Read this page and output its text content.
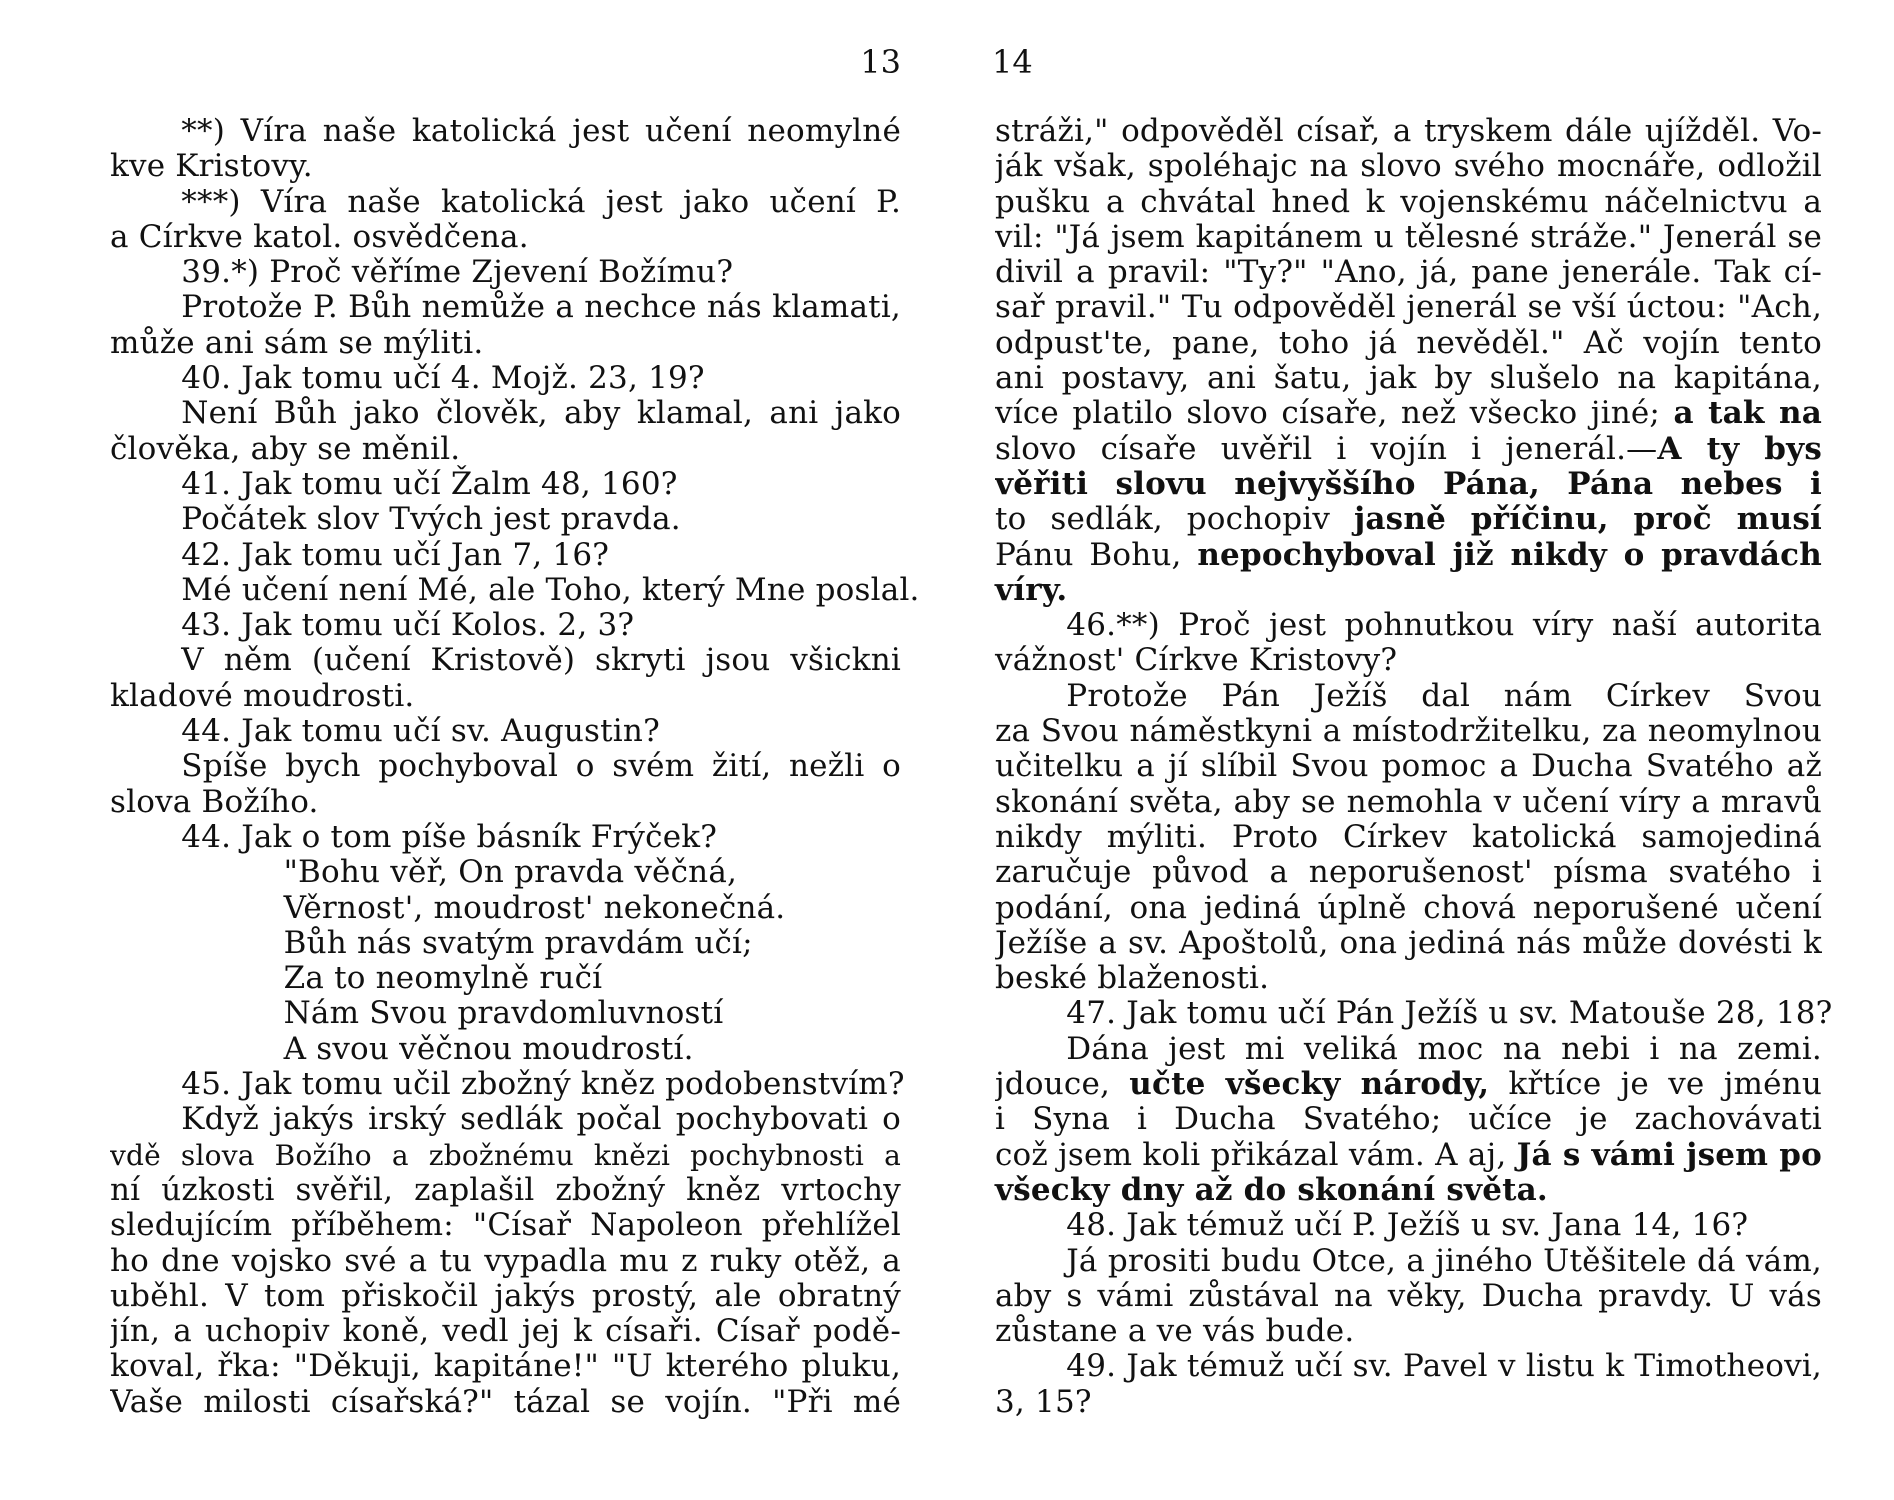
13
**) Víra naše katolická jest učení neomylné
kve Kristovy.
***) Víra naše katolická jest jako učení P.
a Církve katol. osvědčena.
39.*) Proč věříme Zjevení Božímu?
Protože P. Bůh nemůže a nechce nás klamati,
může ani sám se mýliti.
40. Jak tomu učí 4. Mojž. 23, 19?
Není Bůh jako člověk, aby klamal, ani jako
člověka, aby se měnil.
41. Jak tomu učí Žalm 48, 160?
Počátek slov Tvých jest pravda.
42. Jak tomu učí Jan 7, 16?
Mé učení není Mé, ale Toho, který Mne poslal.
43. Jak tomu učí Kolos. 2, 3?
V něm (učení Kristově) skryti jsou všickni
kladové moudrosti.
44. Jak tomu učí sv. Augustin?
Spíše bych pochyboval o svém žití, nežli o
slova Božího.
44. Jak o tom píše básník Frýček?
"Bohu věř, On pravda věčná,
Věrnost', moudrost' nekonečná.
Bůh nás svatým pravdám učí;
Za to neomylně ručí
Nám Svou pravdomluvností
A svou věčnou moudrostí.
45. Jak tomu učil zbožný kněz podobenstvím?
Když jakýs irský sedlák počal pochybovati o
vdě slova Božího a zbožnému knězi pochybnosti a
ní úzkosti svěřil, zaplašil zbožný kněz vrtochy
sledujícím příběhem: "Císař Napoleon přehlížel
ho dne vojsko své a tu vypadla mu z ruky otěž, a
uběhl. V tom přiskočil jakýs prostý, ale obratný
jín, a uchopiv koně, vedl jej k císaři. Císař podě-
koval, řka: "Děkuji, kapitáne!" "U kterého pluku,
Vaše milosti císařská?" tázal se vojín. "Při mé
14
stráži," odpověděl císař, a tryskem dále ujížděl. Vo-
ják však, spoléhajc na slovo svého mocnáře, odložil
pušku a chvátal hned k vojenskému náčelnictvu a
vil: "Já jsem kapitánem u tělesné stráže." Jenerál se
divil a pravil: "Ty?" "Ano, já, pane jenerále. Tak cí-
sař pravil." Tu odpověděl jenerál se vší úctou: "Ach,
odpust'te, pane, toho já nevěděl." Ač vojín tento
ani postavy, ani šatu, jak by slušelo na kapitána,
více platilo slovo císaře, než všecko jiné; a tak na
slovo císaře uvěřil i vojín i jenerál.—A ty bys
věřiti slovu nejvyššího Pána, Pána nebes i
to sedlák, pochopiv jasně příčinu, proč musí
Pánu Bohu, nepochyboval již nikdy o pravdách
víry.
46.**) Proč jest pohnutkou víry naší autorita
vážnost' Církve Kristovy?
Protože Pán Ježíš dal nám Církev Svou
za Svou náměstkyni a místodržitelku, za neomylnou
učitelku a jí slíbil Svou pomoc a Ducha Svatého až
skonání světa, aby se nemohla v učení víry a mravů
nikdy mýliti. Proto Církev katolická samojediná
zaručuje původ a neporušenost' písma svatého i
podání, ona jediná úplně chová neporušené učení
Ježíše a sv. Apoštolů, ona jediná nás může dovésti k
beské blaženosti.
47. Jak tomu učí Pán Ježíš u sv. Matouše 28, 18?
Dána jest mi veliká moc na nebi i na zemi.
jdouce, učte všecky národy, křtíce je ve jménu
i Syna i Ducha Svatého; učíce je zachovávati
což jsem koli přikázal vám. A aj, Já s vámi jsem po
všecky dny až do skonání světa.
48. Jak témuž učí P. Ježíš u sv. Jana 14, 16?
Já prositi budu Otce, a jiného Utěšitele dá vám,
aby s vámi zůstával na věky, Ducha pravdy. U vás
zůstane a ve vás bude.
49. Jak témuž učí sv. Pavel v listu k Timotheovi,
3, 15?
